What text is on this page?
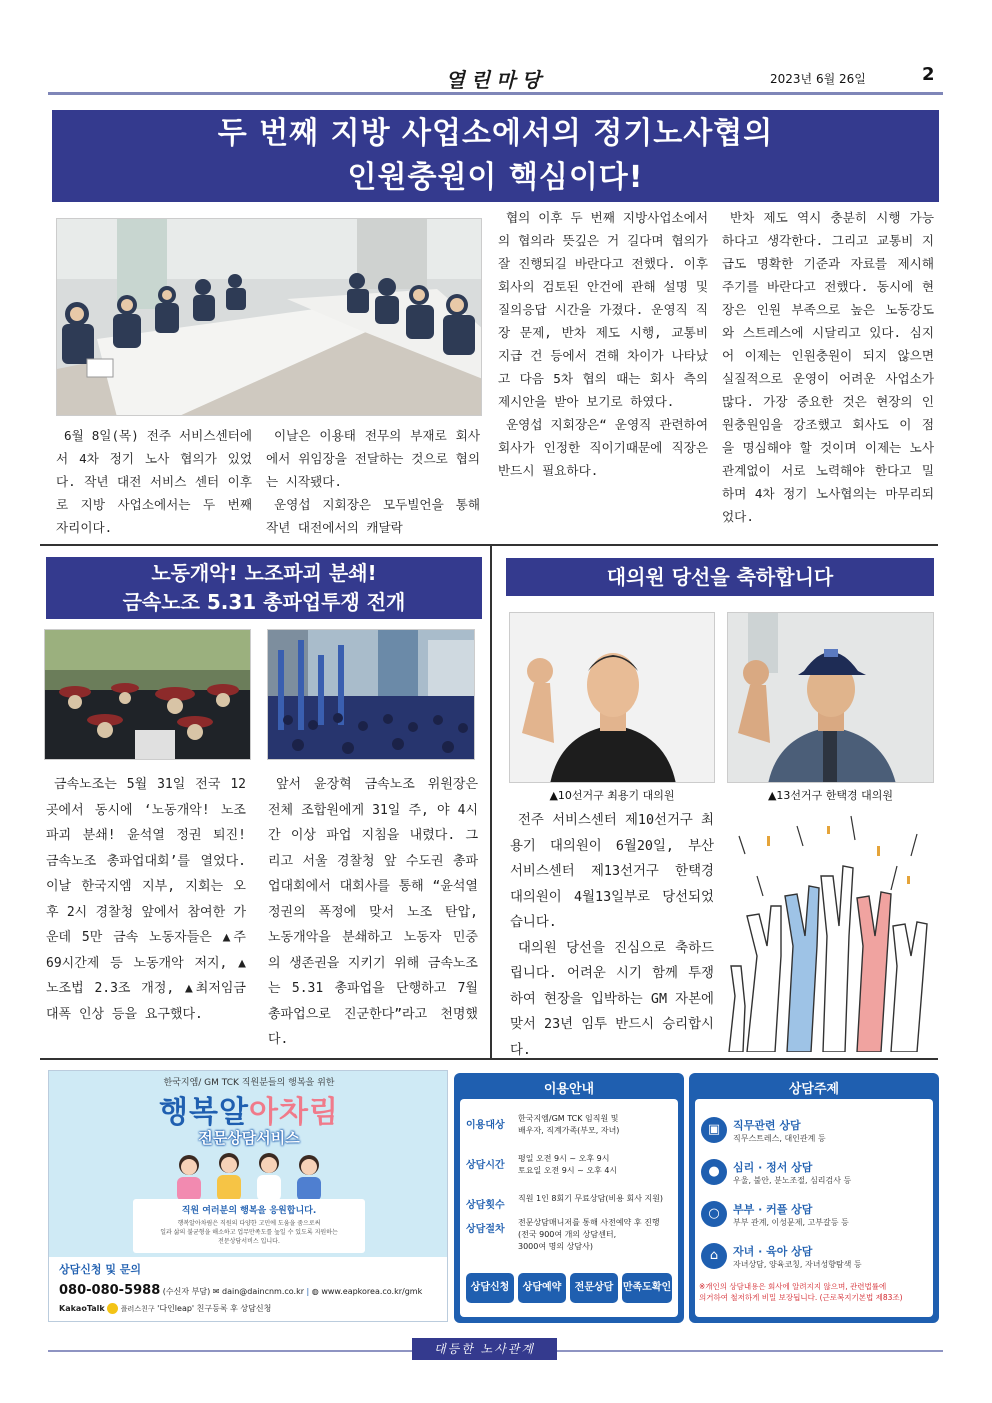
열린마당	2023년 6월 26일	2
두 번째 지방 사업소에서의 정기노사협의
인원충원이 핵심이다!

6월 8일(목) 전주 서비스센터에서 4차 정기 노사 협의가 있었다. 작년 대전 서비스 센터 이후로 지방 사업소에서는 두 번째 자리이다.

이날은 이용태 전무의 부재로 회사에서 위임장을 전달하는 것으로 협의는 시작됐다.

운영섭 지회장은 모두빌언을 통해 작년 대전에서의 캐달락

협의 이후 두 번째 지방사업소에서의 협의라 뜻깊은 거 길다며 협의가 잘 진행되길 바란다고 전했다. 이후 회사의 검토된 안건에 관해 설명 및 질의응답 시간을 가졌다. 운영직 직장 문제, 반차 제도 시행, 교통비 지급 건 등에서 견해 차이가 나타났고 다음 5차 협의 때는 회사 측의 제시안을 받아 보기로 하였다.

운영섭 지회장은“ 운영직 관련하여 회사가 인정한 직이기때문에 직장은 반드시 필요하다.

반차 제도 역시 충분히 시행 가능하다고 생각한다. 그리고 교통비 지급도 명확한 기준과 자료를 제시해 주기를 바란다고 전했다. 동시에 현장은 인원 부족으로 높은 노동강도와 스트레스에 시달리고 있다. 심지어 이제는 인원충원이 되지 않으면 실질적으로 운영이 어려운 사업소가 많다. 가장 중요한 것은 현장의 인원충원임을 강조했고 회사도 이 점을 명심해야 할 것이며 이제는 노사 관계없이 서로 노력해야 한다고 밀하며 4차 정기 노사협의는 마무리되었다.

노동개악! 노조파괴 분쇄!
금속노조 5.31 총파업투쟁 전개

금속노조는 5월 31일 전국 12곳에서 동시에 ‘노동개악! 노조파괴 분쇄! 윤석열 정권 퇴진! 금속노조 총파업대회’를 열었다. 이날 한국지엠 지부, 지회는 오후 2시 경찰청 앞에서 참여한 가운데 5만 금속 노동자들은 ▲주 69시간제 등 노동개악 저지, ▲노조법 2.3조 개정, ▲최저임금 대폭 인상 등을 요구했다.

앞서 윤장혁 금속노조 위원장은 전체 조합원에게 31일 주, 야 4시간 이상 파업 지침을 내렸다. 그리고 서울 경찰청 앞 수도권 총파업대회에서 대회사를 통해 “윤석열 정권의 폭정에 맞서 노조 탄압, 노동개악을 분쇄하고 노동자 민중의 생존권을 지키기 위해 금속노조는 5.31 총파업을 단행하고 7월 총파업으로 진군한다”라고 천명했다.

대의원 당선을 축하합니다
▲10선거구 최용기 대의원	▲13선거구 한택경 대의원

전주 서비스센터 제10선거구 최용기 대의원이 6월20일, 부산 서비스센터 제13선거구 한택경 대의원이 4월13일부로 당선되었습니다.

대의원 당선을 진심으로 축하드립니다. 어려운 시기 함께 투쟁하여 현장을 입박하는 GM 자본에 맞서 23년 임투 반드시 승리합시다.

한국지엠/ GM TCK 직원분들의 행복을 위한
행복알아차림
전문상담서비스
직원 여러분의 행복을 응원합니다.
행복알아차림은 직원의 다양한 고민에 도움을 줌으로써
일과 삶의 불균형을 해소하고 업무만족도를 높일 수 있도록 지원하는
전문상담서비스 입니다.
상담신청 및 문의
080-080-5988 (수신자 부담) ✉ dain@daincnm.co.kr | ◍ www.eapkorea.co.kr/gmk
KakaoTalk 플러스친구 '다인leap' 친구등록 후 상담신청
이용안내
이용대상
한국지엠/GM TCK 임직원 및
배우자, 직계가족(부모, 자녀)
상담시간
평일 오전 9시 ~ 오후 9시
토요일 오전 9시 ~ 오후 4시
상담횟수
직원 1인 8회기 무료상담(비용 회사 지원)
상담절차
전문상담매니저를 통해 사전예약 후 진행
(전국 900여 개의 상담센터,
3000여 명의 상담사)
상담신청	상담예약	전문상담 만족도확인
상담주제
▣	직무관련 상담
직무스트레스, 대인관계 등
●	심리 · 정서 상담
우울, 불안, 분노조절, 심리검사 등
○	부부 · 커플 상담
부부 관계, 이성문제, 고부갈등 등
⌂	자녀 · 육아 상담
자녀상담, 양육코칭, 자녀성향탐색 등
※개인의 상담내용은 회사에 알려지지 않으며, 관련법률에
의거하여 철저하게 비밀 보장됩니다. (근로복지기본법 제83조)
대등한 노사관계
